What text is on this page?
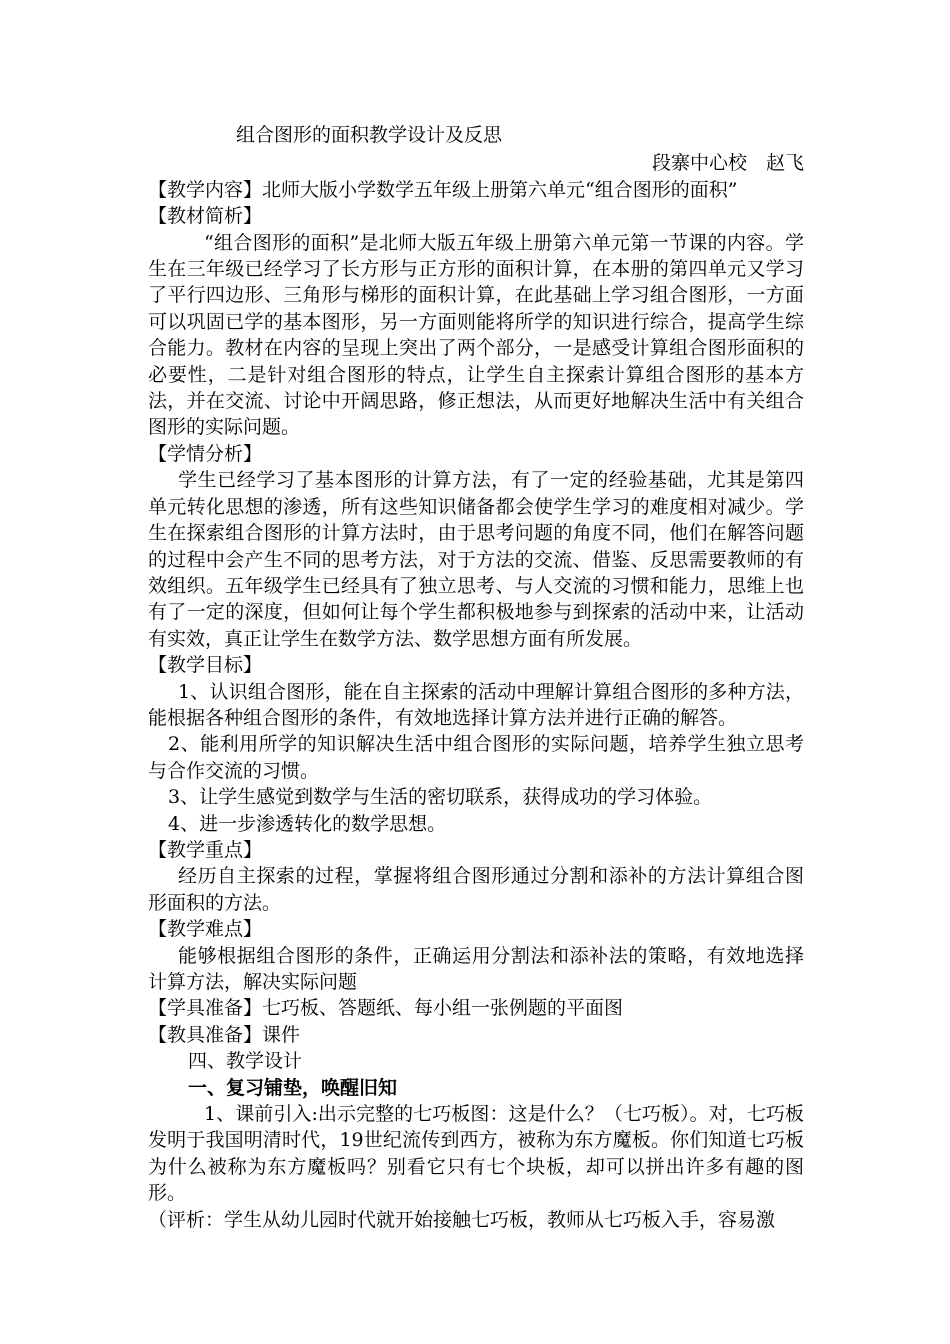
组合图形的面积教学设计及反思

段寨中心校　赵飞

【教学内容】北师大版小学数学五年级上册第六单元“组合图形的面积”

【教材简析】

“组合图形的面积”是北师大版五年级上册第六单元第一节课的内容。学生在三年级已经学习了长方形与正方形的面积计算，在本册的第四单元又学习了平行四边形、三角形与梯形的面积计算，在此基础上学习组合图形，一方面可以巩固已学的基本图形，另一方面则能将所学的知识进行综合，提高学生综合能力。教材在内容的呈现上突出了两个部分，一是感受计算组合图形面积的必要性，二是针对组合图形的特点，让学生自主探索计算组合图形的基本方法，并在交流、讨论中开阔思路，修正想法，从而更好地解决生活中有关组合图形的实际问题。

【学情分析】

学生已经学习了基本图形的计算方法，有了一定的经验基础，尤其是第四单元转化思想的渗透，所有这些知识储备都会使学生学习的难度相对减少。学生在探索组合图形的计算方法时，由于思考问题的角度不同，他们在解答问题的过程中会产生不同的思考方法，对于方法的交流、借鉴、反思需要教师的有效组织。五年级学生已经具有了独立思考、与人交流的习惯和能力，思维上也有了一定的深度，但如何让每个学生都积极地参与到探索的活动中来，让活动有实效，真正让学生在数学方法、数学思想方面有所发展。

【教学目标】

1、认识组合图形，能在自主探索的活动中理解计算组合图形的多种方法，能根据各种组合图形的条件，有效地选择计算方法并进行正确的解答。

2、能利用所学的知识解决生活中组合图形的实际问题，培养学生独立思考与合作交流的习惯。

3、让学生感觉到数学与生活的密切联系，获得成功的学习体验。

4、进一步渗透转化的数学思想。

【教学重点】

经历自主探索的过程，掌握将组合图形通过分割和添补的方法计算组合图形面积的方法。

【教学难点】

能够根据组合图形的条件，正确运用分割法和添补法的策略，有效地选择计算方法，解决实际问题

【学具准备】七巧板、答题纸、每小组一张例题的平面图

【教具准备】课件

四、教学设计

一、复习铺垫，唤醒旧知

1、课前引入:出示完整的七巧板图：这是什么？（七巧板）。对，七巧板发明于我国明清时代，19世纪流传到西方，被称为东方魔板。你们知道七巧板为什么被称为东方魔板吗？别看它只有七个块板，却可以拼出许多有趣的图形。

（评析：学生从幼儿园时代就开始接触七巧板，教师从七巧板入手，容易激
